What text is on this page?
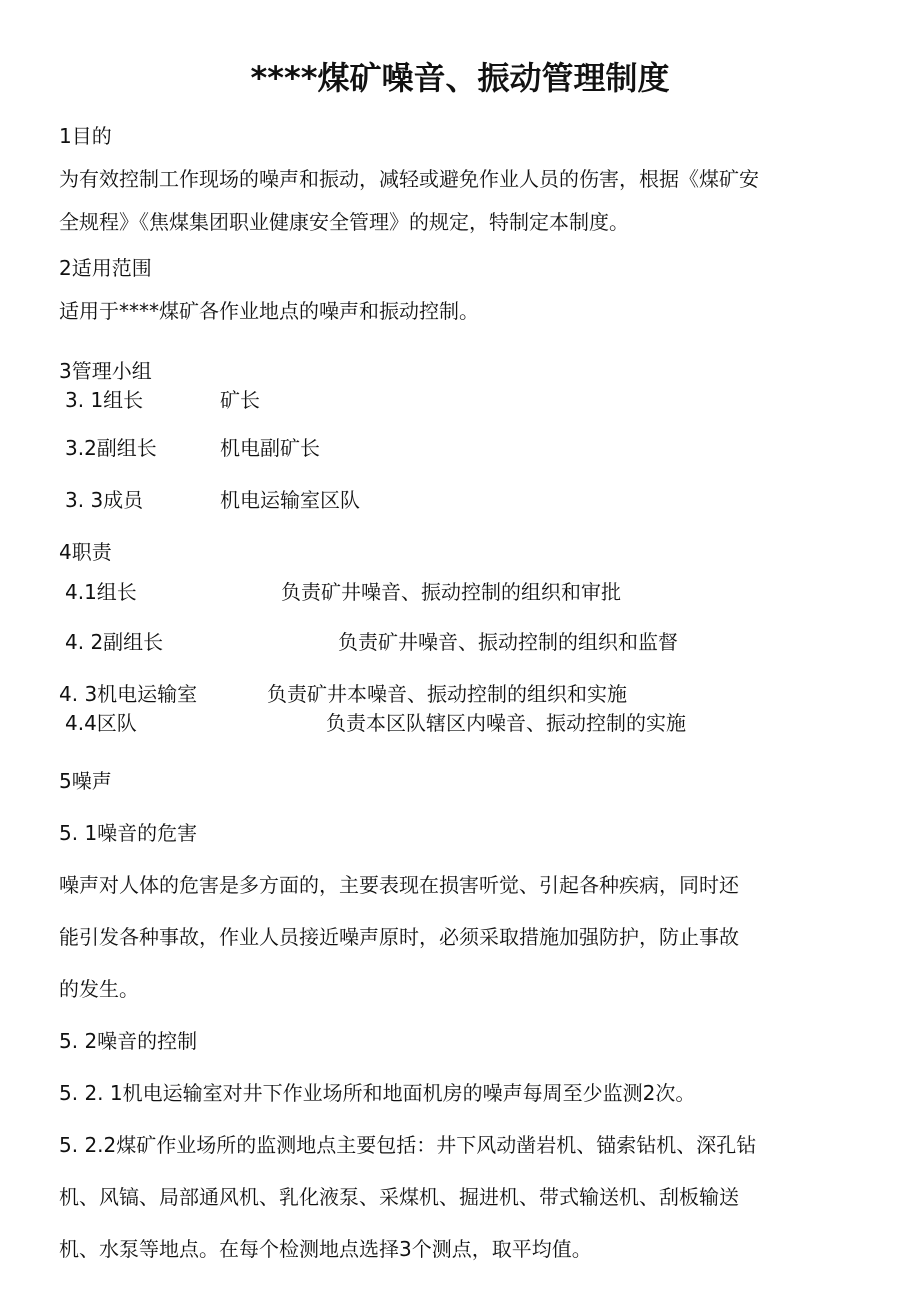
****煤矿噪音、振动管理制度
1目的
为有效控制工作现场的噪声和振动，减轻或避免作业人员的伤害，根据《煤矿安
全规程》《焦煤集团职业健康安全管理》的规定，特制定本制度。
2适用范围
适用于****煤矿各作业地点的噪声和振动控制。
3管理小组
3. 1组长	矿长
3.2副组长	机电副矿长
3. 3成员	机电运输室区队
4职责
4.1组长	负责矿井噪音、振动控制的组织和审批
4. 2副组长	负责矿井噪音、振动控制的组织和监督
4. 3机电运输室	负责矿井本噪音、振动控制的组织和实施
4.4区队	负责本区队辖区内噪音、振动控制的实施
5噪声
5. 1噪音的危害
噪声对人体的危害是多方面的，主要表现在损害听觉、引起各种疾病，同时还
能引发各种事故，作业人员接近噪声原时，必须采取措施加强防护，防止事故
的发生。
5. 2噪音的控制
5. 2. 1机电运输室对井下作业场所和地面机房的噪声每周至少监测2次。
5. 2.2煤矿作业场所的监测地点主要包括：井下风动凿岩机、锚索钻机、深孔钻
机、风镐、局部通风机、乳化液泵、采煤机、掘进机、带式输送机、刮板输送
机、水泵等地点。在每个检测地点选择3个测点，取平均值。
